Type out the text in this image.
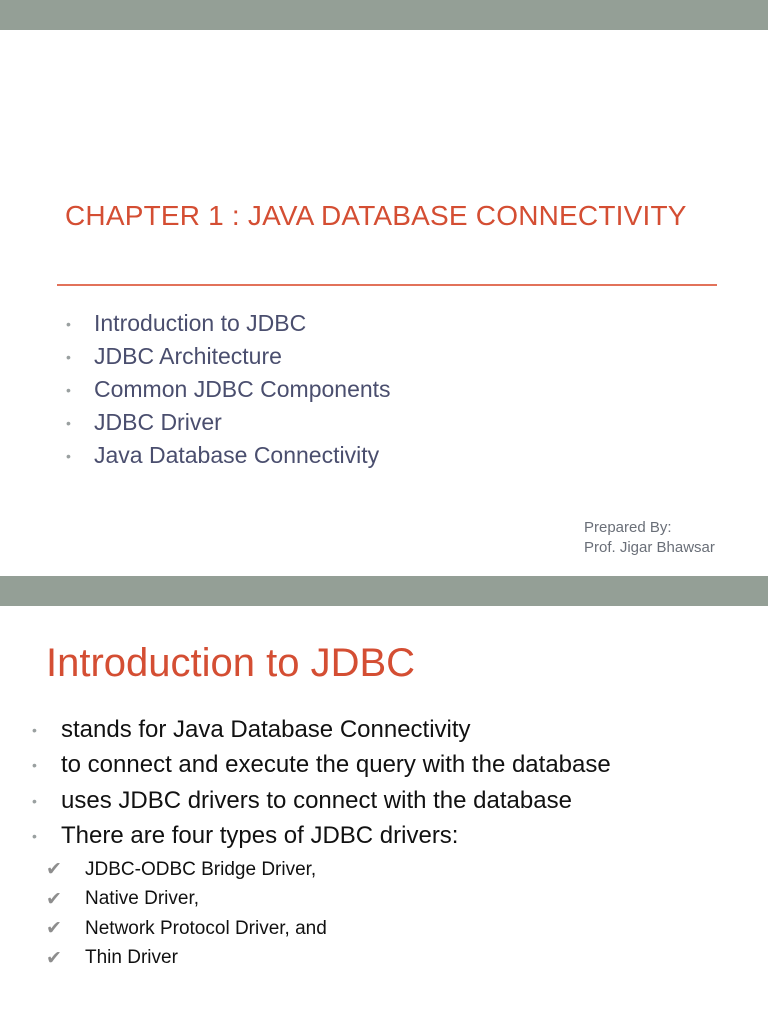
CHAPTER 1 : JAVA DATABASE CONNECTIVITY
•	Introduction to JDBC
•	JDBC Architecture
•	Common JDBC Components
•	JDBC Driver
•	Java Database Connectivity
Prepared By:
Prof. Jigar Bhawsar
Introduction to JDBC
•	stands for Java Database Connectivity
•	to connect and execute the query with the database
•	uses JDBC drivers to connect with the database
•	There are four types of JDBC drivers:
✔	JDBC-ODBC Bridge Driver,
✔	Native Driver,
✔	Network Protocol Driver, and
✔	Thin Driver
